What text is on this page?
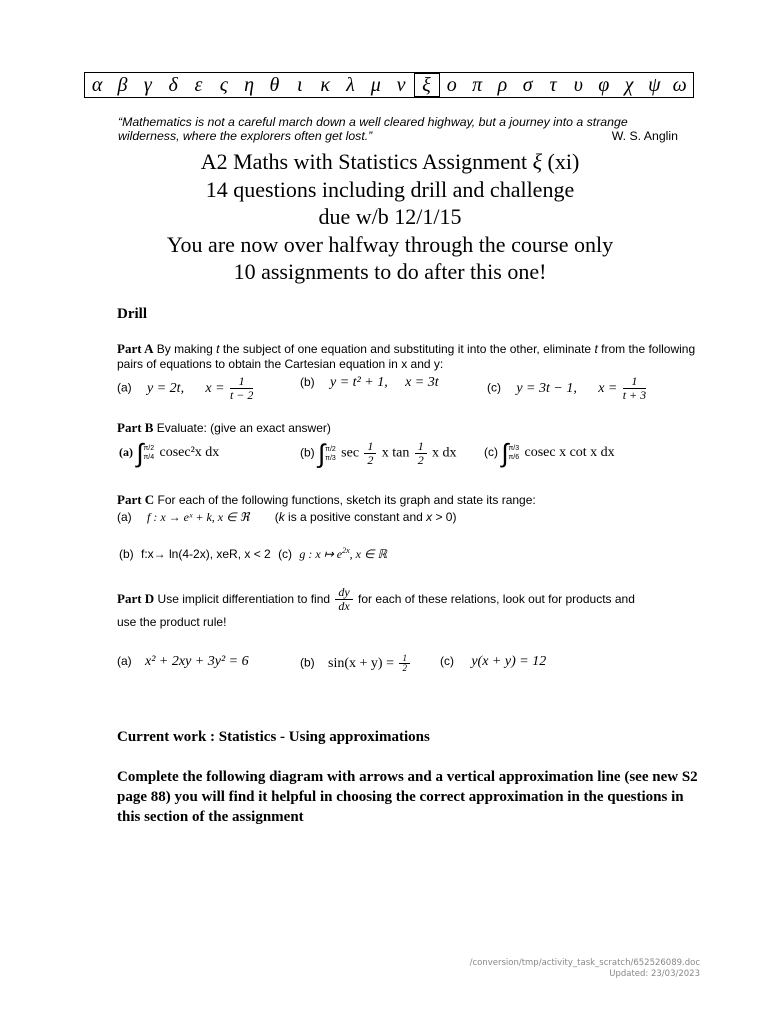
α β γ δ ε ς η θ ι κ λ μ ν ξ ο π ρ σ τ υ φ χ ψ ω
“Mathematics is not a careful march down a well cleared highway, but a journey into a strange
wilderness, where the explorers often get lost.”	W. S. Anglin
A2 Maths with Statistics Assignment ξ (xi)
14 questions including drill and challenge
due w/b 12/1/15
You are now over halfway through the course only
10 assignments to do after this one!
Drill
Part A By making t the subject of one equation and substituting it into the other, eliminate t from the following pairs of equations to obtain the Cartesian equation in x and y:
(a) y = 2t, $x = \frac{1}{t - 2}$	(b) y = t² + 1, x = 3t	(c) y = 3t − 1, $x = \frac{1}{t + 3}$
Part B Evaluate: (give an exact answer)
(a) ∫π/2
π/4 cosec²x dx	(b) ∫π/2
π/3 $\sec \frac{1}{2}$ x $\tan \frac{1}{2}$ x dx (c) ∫π/3
π/6 cosec x cot x dx
Part C For each of the following functions, sketch its graph and state its range:
(a) f : x → eˣ + k, x ∈ ℜ (k is a positive constant and x > 0)
(b) f:x→ ln(4-2x), xeR, x < 2 (c) g : x ↦ $e^{2x}$, x ∈ ℝ
Part D Use implicit differentiation to find $\frac{dy}{dx}$ for each of these relations, look out for products and
use the product rule!
(a) x² + 2xy + 3y² = 6	(b) $\sin(x + y) = \frac{1}{2}$	(c) y(x + y) = 12
Current work : Statistics - Using approximations
Complete the following diagram with arrows and a vertical approximation line (see new S2 page 88) you will find it helpful in choosing the correct approximation in the questions in this section of the assignment
/conversion/tmp/activity_task_scratch/652526089.doc
Updated: 23/03/2023
